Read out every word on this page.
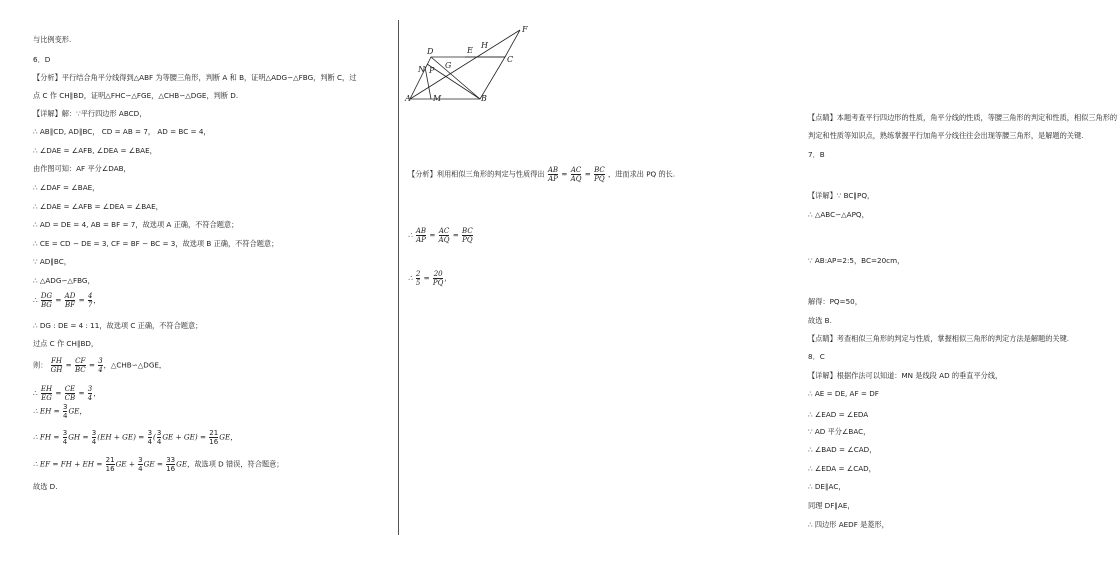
与比例变形.
6．D
【分析】平行结合角平分线得到△ABF 为等腰三角形，判断 A 和 B，证明△ADG∽△FBG，判断 C，过
点 C 作 CH∥BD，证明△FHC∽△FGE，△CHB∽△DGE，判断 D.
【详解】解：∵平行四边形 ABCD，
∴ AB∥CD, AD∥BC， CD = AB = 7， AD = BC = 4，
∴ ∠DAE = ∠AFB, ∠DEA = ∠BAE，
由作图可知：AF 平分∠DAB，
∴ ∠DAF = ∠BAE，
∴ ∠DAE = ∠AFB = ∠DEA = ∠BAE，
∴ AD = DE = 4, AB = BF = 7，故选项 A 正确，不符合题意；
∴ CE = CD − DE = 3, CF = BF − BC = 3，故选项 B 正确，不符合题意；
∵ AD∥BC，
∴ △ADG∽△FBG，
∴ DG : DE = 4 : 11，故选项 C 正确，不符合题意；
过点 C 作 CH∥BD，
故选 D.
∴ $\frac{DG}{BG} = \frac{AD}{BF} = \frac{4}{7}$ ，
则： $\frac{FH}{GH} = \frac{CF}{BC} = \frac{3}{4}$ ，△CHB∽△DGE，
∴ $\frac{EH}{EG} = \frac{CE}{CB} = \frac{3}{4}$ ，
∴ EH = $\frac{3}{4}$ GE，
∴ FH = $\frac{3}{4}$ GH = $\frac{3}{4} (EH + GE) = \frac{3}{4}$ ( $\frac{3}{4}$ GE + $GE) = \frac{21}{16}$ GE，
∴ EF = FH + EH = $\frac{21}{16}$ GE + $\frac{3}{4}$ GE = $\frac{33}{16}$ GE，故选项 D 错误，符合题意；
【点睛】本题考查平行四边形的性质，角平分线的性质，等腰三角形的判定和性质，相似三角形的
判定和性质等知识点，熟练掌握平行加角平分线往往会出现等腰三角形，是解题的关键.
7．B
【详解】∵ BC∥PQ，
∴ △ABC∽△APQ，
∵ AB:AP=2:5，BC=20cm，
解得：PQ=50，
故选 B.
【点睛】考查相似三角形的判定与性质，掌握相似三角形的判定方法是解题的关键.
8．C
【详解】根据作法可以知道：MN 是线段 AD 的垂直平分线，
∴ AE = DE, AF = DF
∴ ∠EAD = ∠EDA
∵ AD 平分∠BAC，
∴ ∠BAD = ∠CAD，
∴ ∠EDA = ∠CAD，
∴ DE∥AC，
同理 DF∥AE，
∴ 四边形 AEDF 是菱形，
F
D	E
H
C
N	G
P
A	M	B
【分析】利用相似三角形的判定与性质得出 $\frac{AB}{AP} = \frac{AC}{AQ} = \frac{BC}{PQ}$ ，进而求出 PQ 的长.
∴ $\frac{AB}{AP} = \frac{AC}{AQ} = \frac{BC}{PQ}$
∴ $\frac{2}{5} = \frac{20}{PQ}$ ，
